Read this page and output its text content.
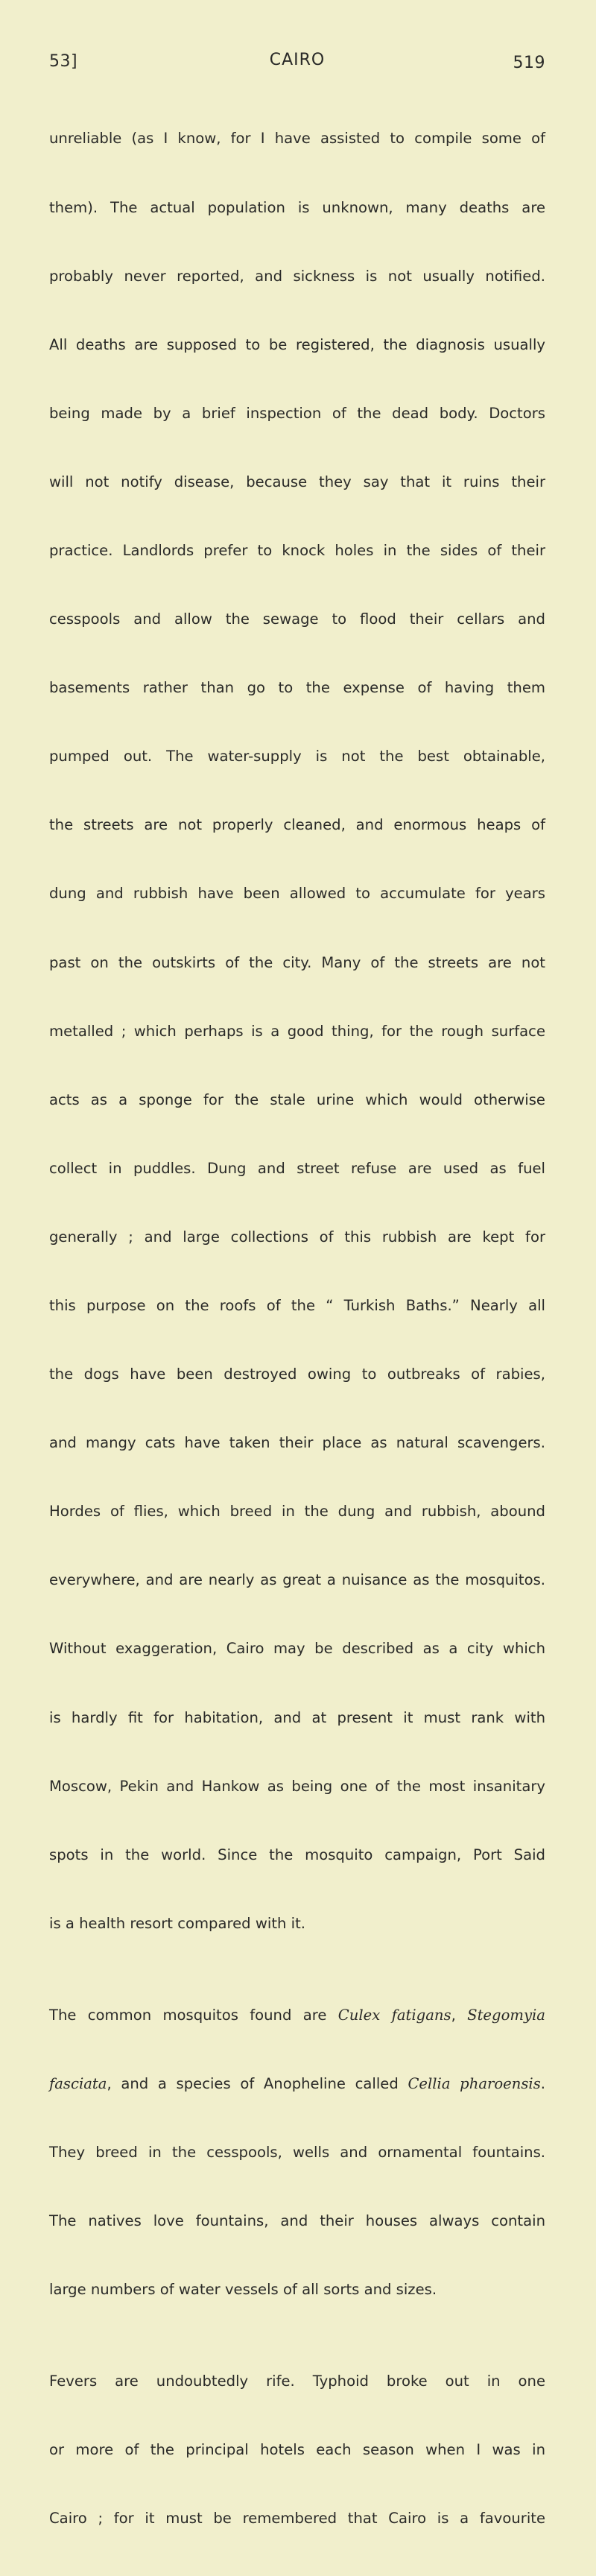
53]	CAIRO	519

unreliable (as I know, for I have assisted to compile some of

them). The actual population is unknown, many deaths are

probably never reported, and sickness is not usually notified.

All deaths are supposed to be registered, the diagnosis usually

being made by a brief inspection of the dead body. Doctors

will not notify disease, because they say that it ruins their

practice. Landlords prefer to knock holes in the sides of their

cesspools and allow the sewage to flood their cellars and

basements rather than go to the expense of having them

pumped out. The water-supply is not the best obtainable,

the streets are not properly cleaned, and enormous heaps of

dung and rubbish have been allowed to accumulate for years

past on the outskirts of the city. Many of the streets are not

metalled ; which perhaps is a good thing, for the rough surface

acts as a sponge for the stale urine which would otherwise

collect in puddles. Dung and street refuse are used as fuel

generally ; and large collections of this rubbish are kept for

this purpose on the roofs of the “ Turkish Baths.” Nearly all

the dogs have been destroyed owing to outbreaks of rabies,

and mangy cats have taken their place as natural scavengers.

Hordes of flies, which breed in the dung and rubbish, abound

everywhere, and are nearly as great a nuisance as the mosquitos.

Without exaggeration, Cairo may be described as a city which

is hardly fit for habitation, and at present it must rank with

Moscow, Pekin and Hankow as being one of the most insanitary

spots in the world. Since the mosquito campaign, Port Said

is a health resort compared with it.

The common mosquitos found are Culex fatigans, Stegomyia

fasciata, and a species of Anopheline called Cellia pharoensis.

They breed in the cesspools, wells and ornamental fountains.

The natives love fountains, and their houses always contain

large numbers of water vessels of all sorts and sizes.

Fevers are undoubtedly rife. Typhoid broke out in one

or more of the principal hotels each season when I was in

Cairo ; for it must be remembered that Cairo is a favourite
